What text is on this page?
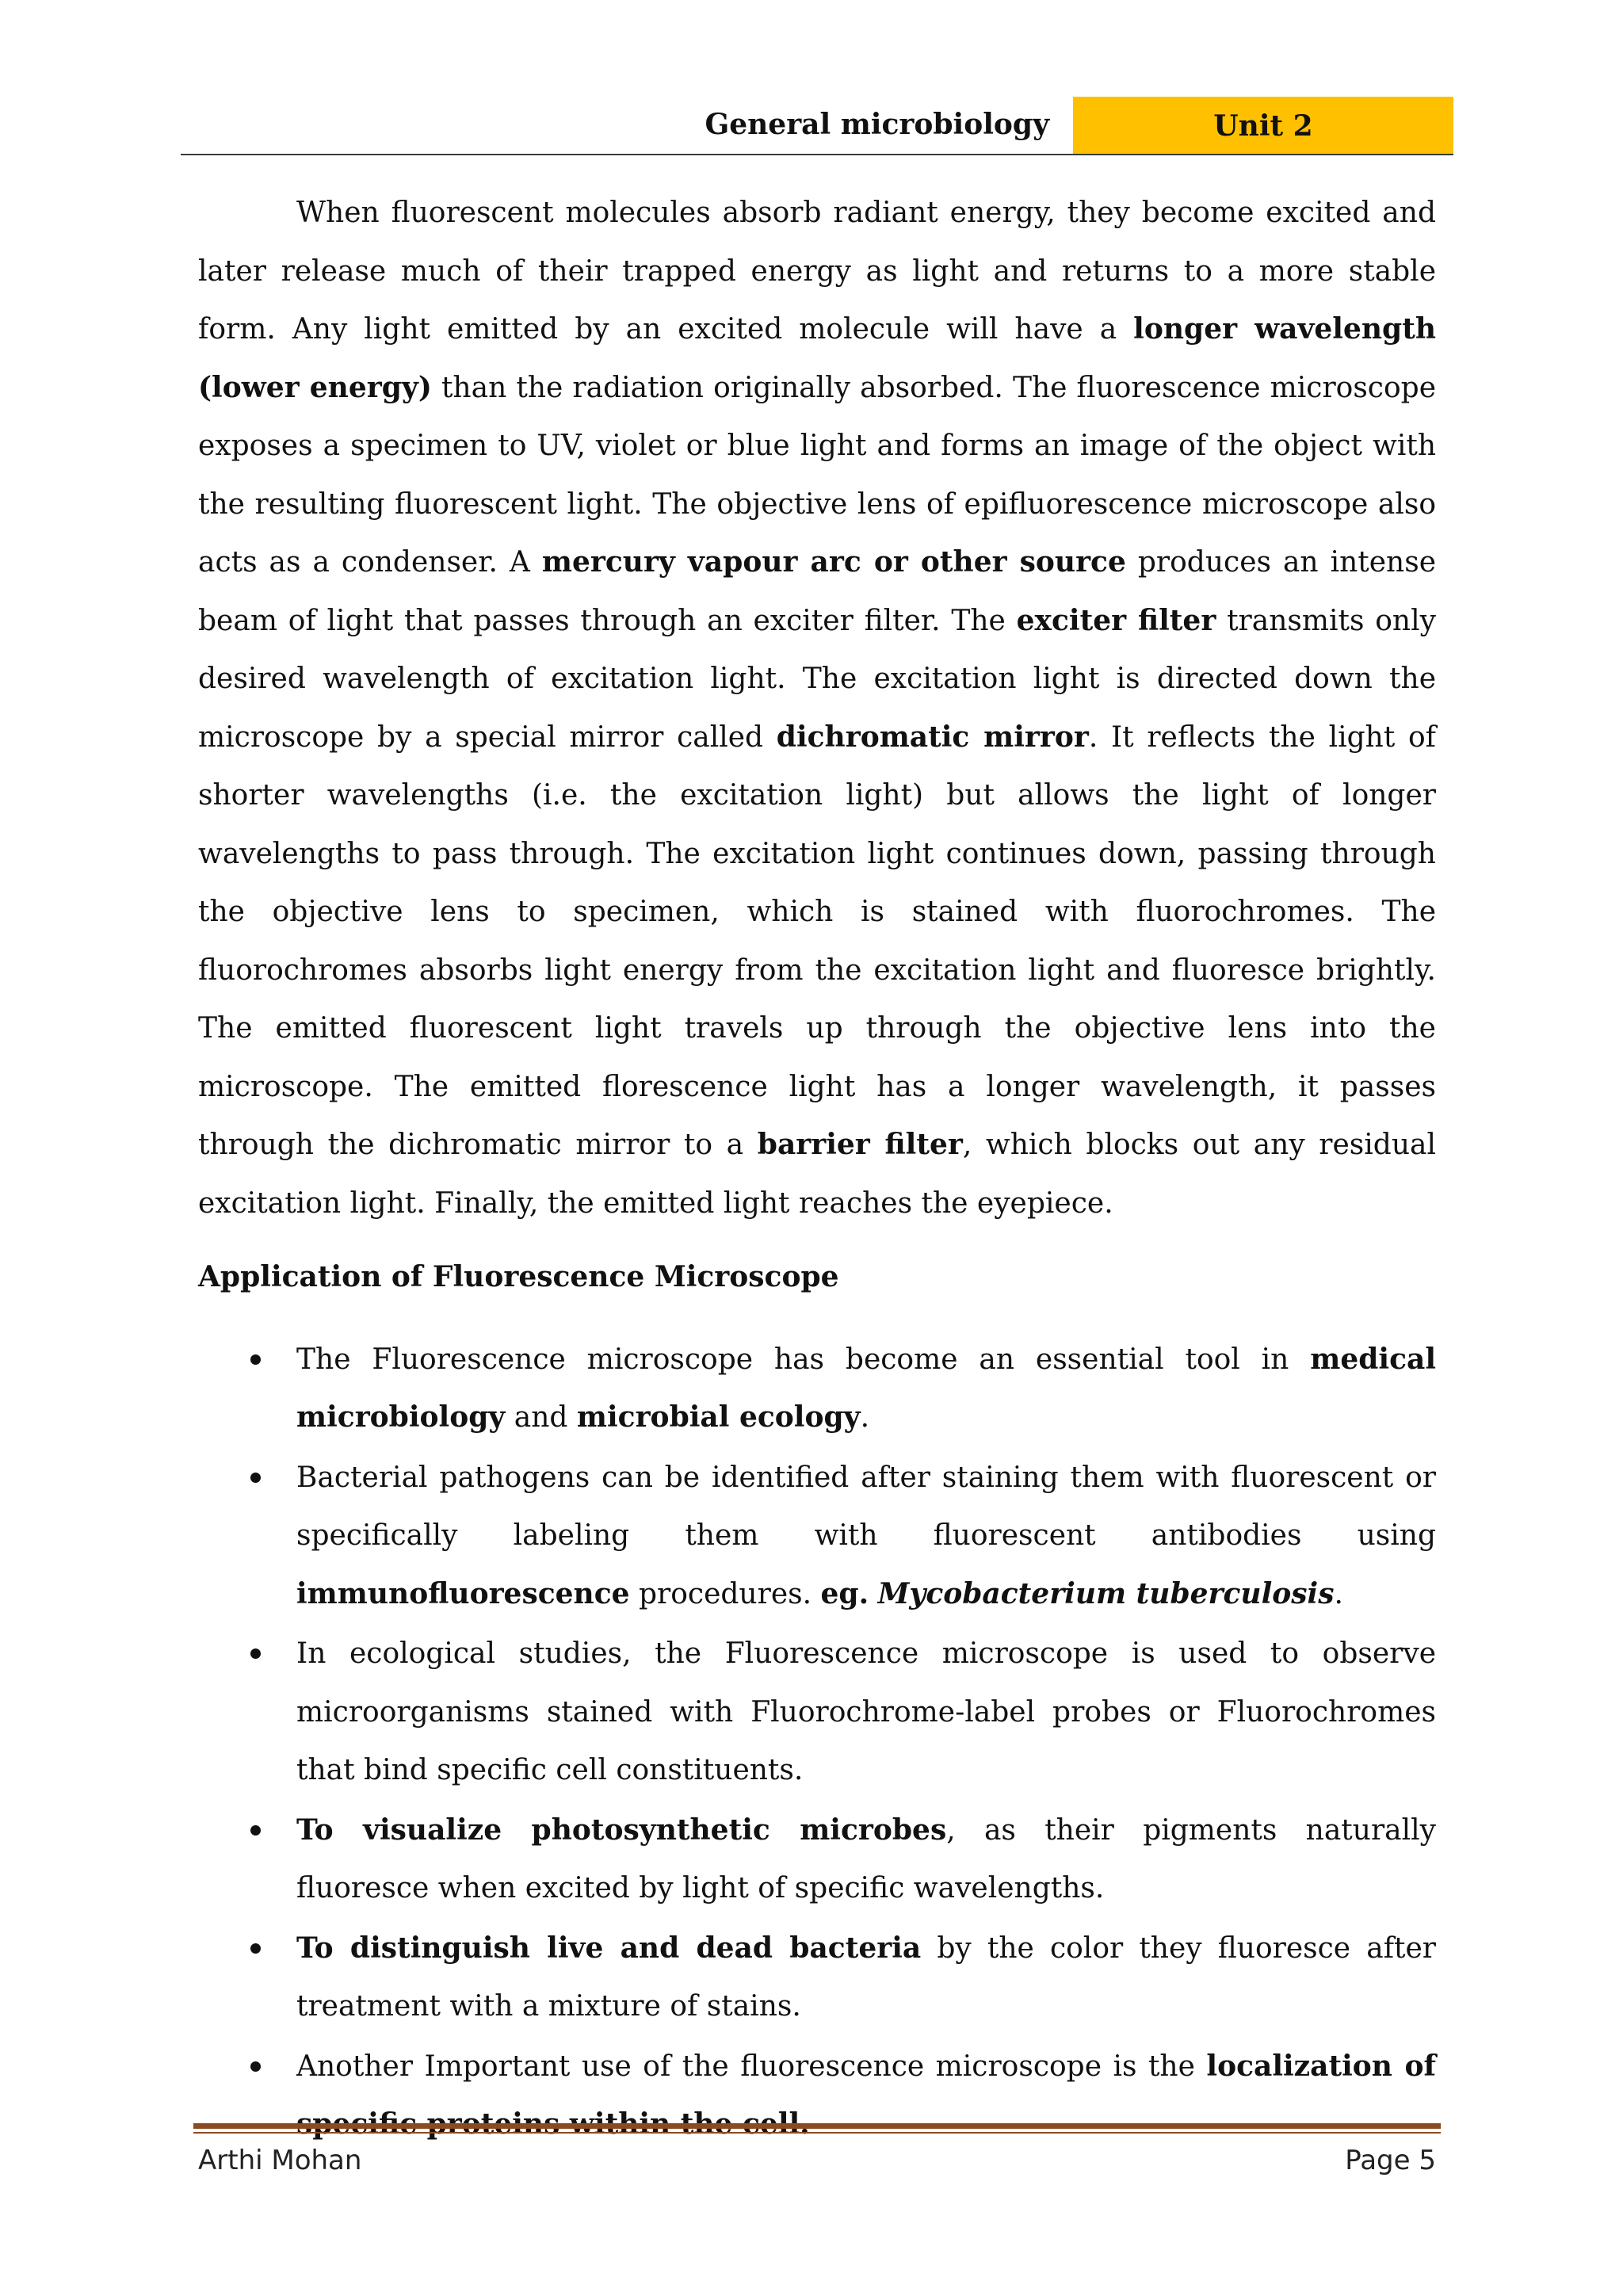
General microbiology	Unit 2

When fluorescent molecules absorb radiant energy, they become excited and later release much of their trapped energy as light and returns to a more stable form. Any light emitted by an excited molecule will have a longer wavelength (lower energy) than the radiation originally absorbed. The fluorescence microscope exposes a specimen to UV, violet or blue light and forms an image of the object with the resulting fluorescent light. The objective lens of epifluorescence microscope also acts as a condenser. A mercury vapour arc or other source produces an intense beam of light that passes through an exciter filter. The exciter filter transmits only desired wavelength of excitation light. The excitation light is directed down the microscope by a special mirror called dichromatic mirror. It reflects the light of shorter wavelengths (i.e. the excitation light) but allows the light of longer wavelengths to pass through. The excitation light continues down, passing through the objective lens to specimen, which is stained with fluorochromes. The fluorochromes absorbs light energy from the excitation light and fluoresce brightly. The emitted fluorescent light travels up through the objective lens into the microscope. The emitted florescence light has a longer wavelength, it passes through the dichromatic mirror to a barrier filter, which blocks out any residual excitation light. Finally, the emitted light reaches the eyepiece.

Application of Fluorescence Microscope
The Fluorescence microscope has become an essential tool in medical microbiology and microbial ecology.
Bacterial pathogens can be identified after staining them with fluorescent or specifically labeling them with fluorescent antibodies using immunofluorescence procedures. eg. Mycobacterium tuberculosis.
In ecological studies, the Fluorescence microscope is used to observe microorganisms stained with Fluorochrome-label probes or Fluorochromes that bind specific cell constituents.
To visualize photosynthetic microbes, as their pigments naturally fluoresce when excited by light of specific wavelengths.
To distinguish live and dead bacteria by the color they fluoresce after treatment with a mixture of stains.
Another Important use of the fluorescence microscope is the localization of
Arthi Mohan	Page 5
